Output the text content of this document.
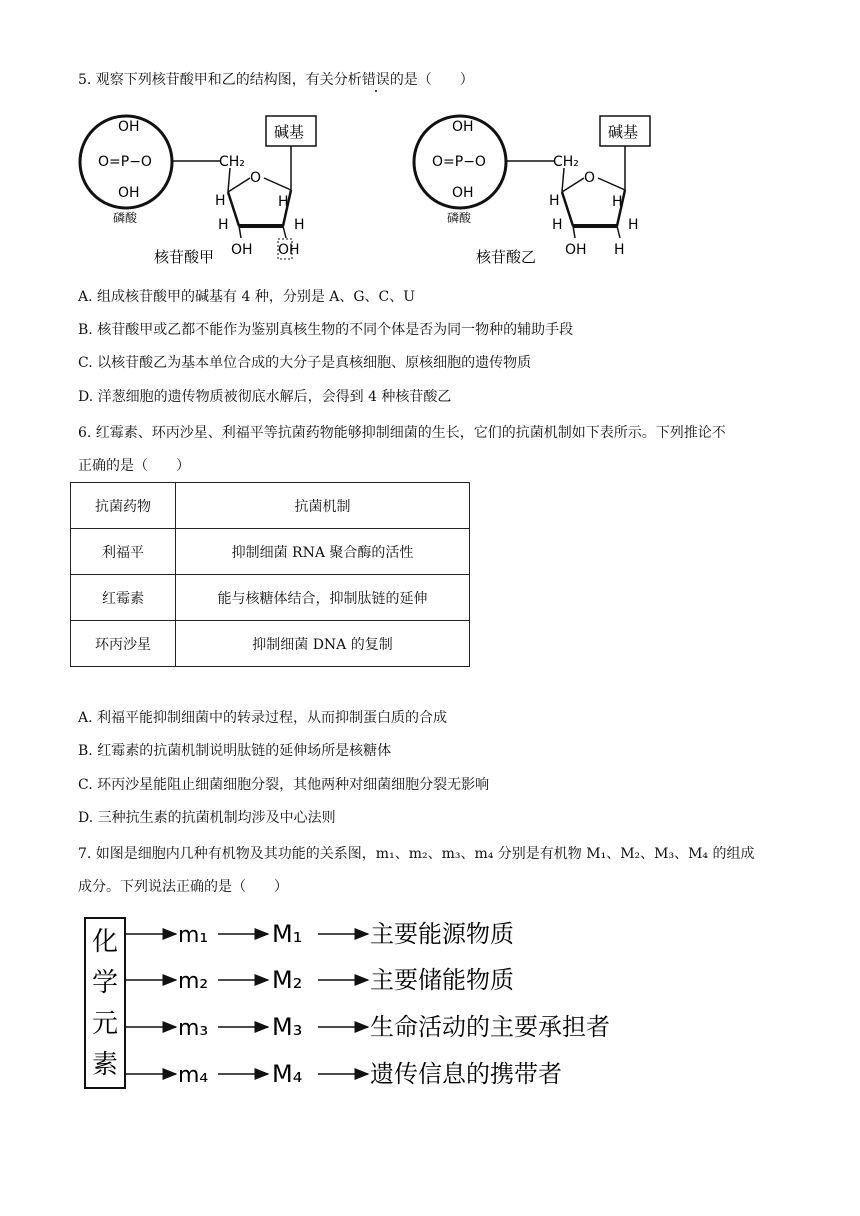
5. 观察下列核苷酸甲和乙的结构图，有关分析错误的是（　　）
OH
O=P−O
OH
CH₂
磷酸
碱基
O
H	H
H	H
OH OH
核苷酸甲
OH
O=P−O
OH
CH₂
磷酸
碱基
O
H	H
H	H
OH H
核苷酸乙
A. 组成核苷酸甲的碱基有 4 种，分别是 A、G、C、U
B. 核苷酸甲或乙都不能作为鉴别真核生物的不同个体是否为同一物种的辅助手段
C. 以核苷酸乙为基本单位合成的大分子是真核细胞、原核细胞的遗传物质
D. 洋葱细胞的遗传物质被彻底水解后，会得到 4 种核苷酸乙
6. 红霉素、环丙沙星、利福平等抗菌药物能够抑制细菌的生长，它们的抗菌机制如下表所示。下列推论不
正确的是（　　）
抗菌药物	抗菌机制
利福平	抑制细菌 RNA 聚合酶的活性
红霉素	能与核糖体结合，抑制肽链的延伸
环丙沙星	抑制细菌 DNA 的复制
A. 利福平能抑制细菌中的转录过程，从而抑制蛋白质的合成
B. 红霉素的抗菌机制说明肽链的延伸场所是核糖体
C. 环丙沙星能阻止细菌细胞分裂，其他两种对细菌细胞分裂无影响
D. 三种抗生素的抗菌机制均涉及中心法则
7. 如图是细胞内几种有机物及其功能的关系图，m₁、m₂、m₃、m₄ 分别是有机物 M₁、M₂、M₃、M₄ 的组成
成分。下列说法正确的是（　　）
化
学
元
素
m₁	M₁	主要能源物质
m₂	M₂	主要储能物质
m₃	M₃	生命活动的主要承担者
m₄	M₄	遗传信息的携带者
